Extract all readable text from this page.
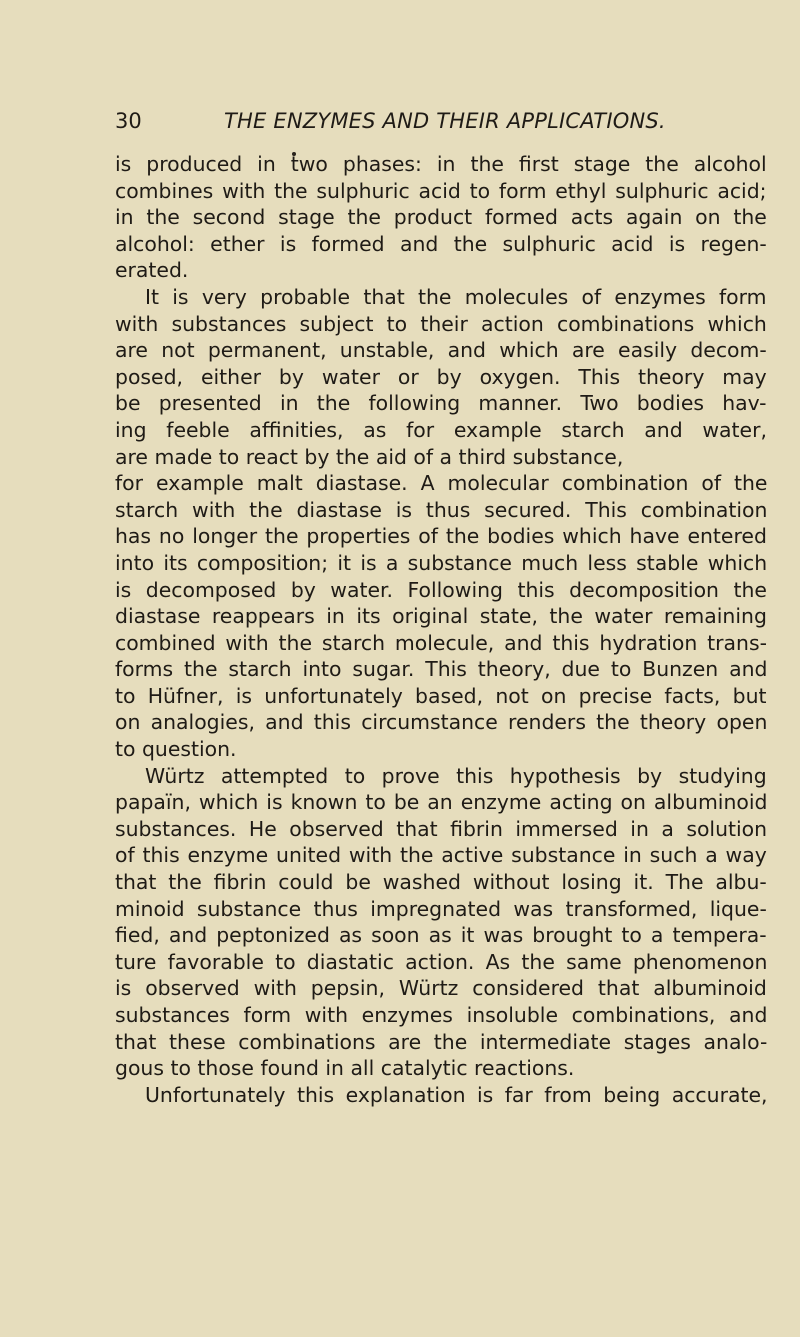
30	THE ENZYMES AND THEIR APPLICATIONS.
is produced in two phases: in the first stage the alcohol
combines with the sulphuric acid to form ethyl sulphuric acid;
in the second stage the product formed acts again on the
alcohol: ether is formed and the sulphuric acid is regen-
erated.
It is very probable that the molecules of enzymes form
with substances subject to their action combinations which
are not permanent, unstable, and which are easily decom-
posed, either by water or by oxygen. This theory may
be presented in the following manner. Two bodies hav-
ing feeble affinities, as for example starch and water,
are made to react by the aid of a third substance,
for example malt diastase. A molecular combination of the
starch with the diastase is thus secured. This combination
has no longer the properties of the bodies which have entered
into its composition; it is a substance much less stable which
is decomposed by water. Following this decomposition the
diastase reappears in its original state, the water remaining
combined with the starch molecule, and this hydration trans-
forms the starch into sugar. This theory, due to Bunzen and
to Hüfner, is unfortunately based, not on precise facts, but
on analogies, and this circumstance renders the theory open
to question.
Würtz attempted to prove this hypothesis by studying
papaïn, which is known to be an enzyme acting on albuminoid
substances. He observed that fibrin immersed in a solution
of this enzyme united with the active substance in such a way
that the fibrin could be washed without losing it. The albu-
minoid substance thus impregnated was transformed, lique-
fied, and peptonized as soon as it was brought to a tempera-
ture favorable to diastatic action. As the same phenomenon
is observed with pepsin, Würtz considered that albuminoid
substances form with enzymes insoluble combinations, and
that these combinations are the intermediate stages analo-
gous to those found in all catalytic reactions.
Unfortunately this explanation is far from being accurate,
